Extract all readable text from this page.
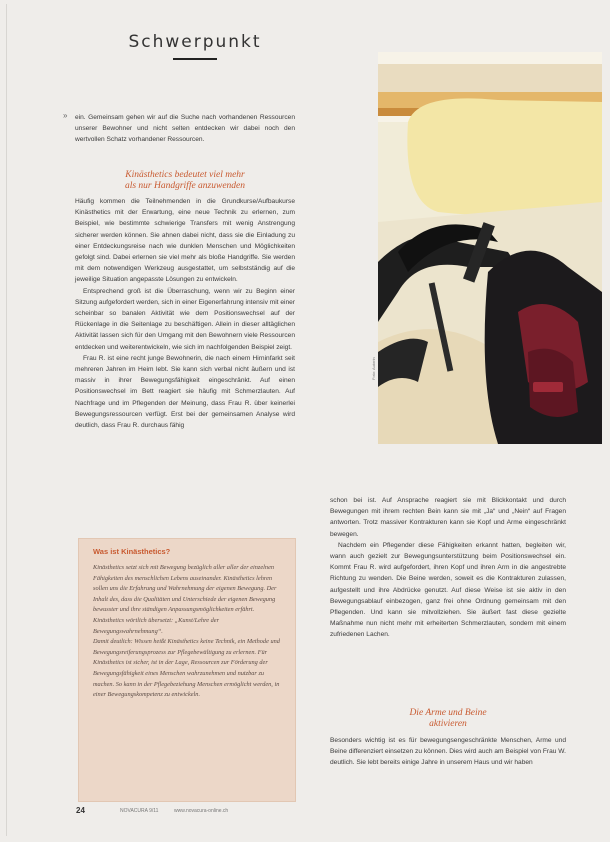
Schwerpunkt
Foto: Autorin
» ein. Gemeinsam gehen wir auf die Suche nach vorhandenen Ressourcen unserer Bewohner und nicht selten entdecken wir dabei noch den wertvollen Schatz vorhandener Ressourcen.

Kinästhetics bedeutet viel mehr
als nur Handgriffe anzuwenden

Häufig kommen die Teilnehmenden in die Grundkurse/Aufbaukurse Kinästhetics mit der Erwartung, eine neue Technik zu erlernen, zum Beispiel, wie bestimmte schwierige Transfers mit wenig Anstrengung sicherer werden können. Sie ahnen dabei nicht, dass sie die Einladung zu einer Entdeckungsreise nach wie dunklen Menschen und Möglichkeiten gefolgt sind. Dabei erlernen sie viel mehr als bloße Handgriffe. Sie werden mit dem notwendigen Werkzeug ausgestattet, um selbstständig auf die jeweilige Situation angepasste Lösungen zu entwickeln.

Entsprechend groß ist die Überraschung, wenn wir zu Beginn einer Sitzung aufgefordert werden, sich in einer Eigenerfahrung intensiv mit einer scheinbar so banalen Aktivität wie dem Positionswechsel auf der Rückenlage in die Seitenlage zu beschäftigen. Allein in dieser alltäglichen Aktivität lassen sich für den Umgang mit den Bewohnern viele Ressourcen entdecken und weiterentwickeln, wie sich im nachfolgenden Beispiel zeigt.

Frau R. ist eine recht junge Bewohnerin, die nach einem Hirninfarkt seit mehreren Jahren im Heim lebt. Sie kann sich verbal nicht äußern und ist massiv in ihrer Bewegungsfähigkeit eingeschränkt. Auf einen Positionswechsel im Bett reagiert sie häufig mit Schmerzlauten. Auf Nachfrage und im Pflegenden der Meinung, dass Frau R. über keinerlei Bewegungsressourcen verfügt. Erst bei der gemeinsamen Analyse wird deutlich, dass Frau R. durchaus fähig

Was ist Kinästhetics?

Kinästhetics setzt sich mit Bewegung bezüglich aller aller der einzelnen Fähigkeiten des menschlichen Lebens auseinander. Kinästhetics lehren sollen uns die Erfahrung und Wahrnehmung der eigenen Bewegung. Der Inhalt des, dass die Qualitäten und Unterschiede der eigenen Bewegung bewusster und ihre ständigen Anpassungsmöglichkeiten erfährt. Kinästhetics wörtlich übersetzt: „Kunst/Lehre der Bewegungswahrnehmung“.

Damit deutlich: Wissen heißt Kinästhetics keine Technik, ein Methode und Bewegungsreiferungsprozess zur Pflegebewältigung zu erlernen. Für Kinästhetics ist sicher, ist in der Lage, Ressourcen zur Förderung der Bewegungsfähigkeit eines Menschen wahrzunehmen und nutzbar zu machen. So kann in der Pflegebeziehung Menschen ermöglicht werden, in einer Bewegungskompetenz zu entwickeln.

schon bei ist. Auf Ansprache reagiert sie mit Blickkontakt und durch Bewegungen mit ihrem rechten Bein kann sie mit „Ja“ und „Nein“ auf Fragen antworten. Trotz massiver Kontrakturen kann sie Kopf und Arme eingeschränkt bewegen.

Nachdem ein Pflegender diese Fähigkeiten erkannt hatten, begleiten wir, wann auch gezielt zur Bewegungsunterstützung beim Positionswechsel ein. Kommt Frau R. wird aufgefordert, ihren Kopf und ihren Arm in die angestrebte Richtung zu wenden. Die Beine werden, soweit es die Kontrakturen zulassen, aufgestellt und ihre Abdrücke genutzt. Auf diese Weise ist sie aktiv in den Bewegungsablauf einbezogen, ganz frei ohne Ordnung gemeinsam mit den Pflegenden. Und kann sie mitvollziehen. Sie äußert fast diese gezielte Maßnahme nun nicht mehr mit erheiterten Schmerzlauten, sondern mit einem zufriedenen Lachen.

Die Arme und Beine
aktivieren

Besonders wichtig ist es für bewegungsengeschränkte Menschen, Arme und Beine differenziert einsetzen zu können. Dies wird auch am Beispiel von Frau W. deutlich. Sie lebt bereits einige Jahre in unserem Haus und wir haben

24	NOVACURA 9/11	www.novacura-online.ch
